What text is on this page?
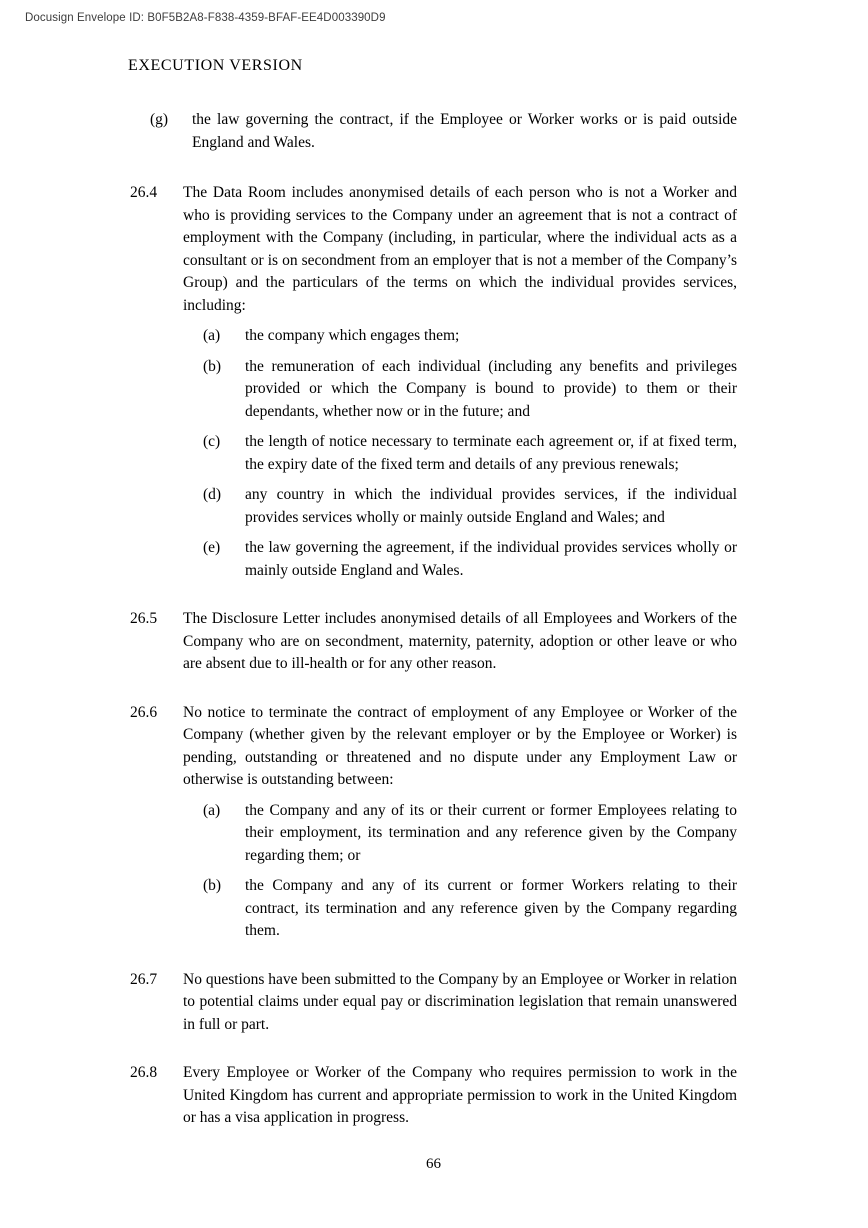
Docusign Envelope ID: B0F5B2A8-F838-4359-BFAF-EE4D003390D9
EXECUTION VERSION
(g)	the law governing the contract, if the Employee or Worker works or is paid outside England and Wales.
26.4	The Data Room includes anonymised details of each person who is not a Worker and who is providing services to the Company under an agreement that is not a contract of employment with the Company (including, in particular, where the individual acts as a consultant or is on secondment from an employer that is not a member of the Company’s Group) and the particulars of the terms on which the individual provides services, including:
(a)	the company which engages them;
(b)	the remuneration of each individual (including any benefits and privileges provided or which the Company is bound to provide) to them or their dependants, whether now or in the future; and
(c)	the length of notice necessary to terminate each agreement or, if at fixed term, the expiry date of the fixed term and details of any previous renewals;
(d)	any country in which the individual provides services, if the individual provides services wholly or mainly outside England and Wales; and
(e)	the law governing the agreement, if the individual provides services wholly or mainly outside England and Wales.
26.5	The Disclosure Letter includes anonymised details of all Employees and Workers of the Company who are on secondment, maternity, paternity, adoption or other leave or who are absent due to ill-health or for any other reason.
26.6	No notice to terminate the contract of employment of any Employee or Worker of the Company (whether given by the relevant employer or by the Employee or Worker) is pending, outstanding or threatened and no dispute under any Employment Law or otherwise is outstanding between:
(a)	the Company and any of its or their current or former Employees relating to their employment, its termination and any reference given by the Company regarding them; or
(b)	the Company and any of its current or former Workers relating to their contract, its termination and any reference given by the Company regarding them.
26.7	No questions have been submitted to the Company by an Employee or Worker in relation to potential claims under equal pay or discrimination legislation that remain unanswered in full or part.
26.8	Every Employee or Worker of the Company who requires permission to work in the United Kingdom has current and appropriate permission to work in the United Kingdom or has a visa application in progress.
66
